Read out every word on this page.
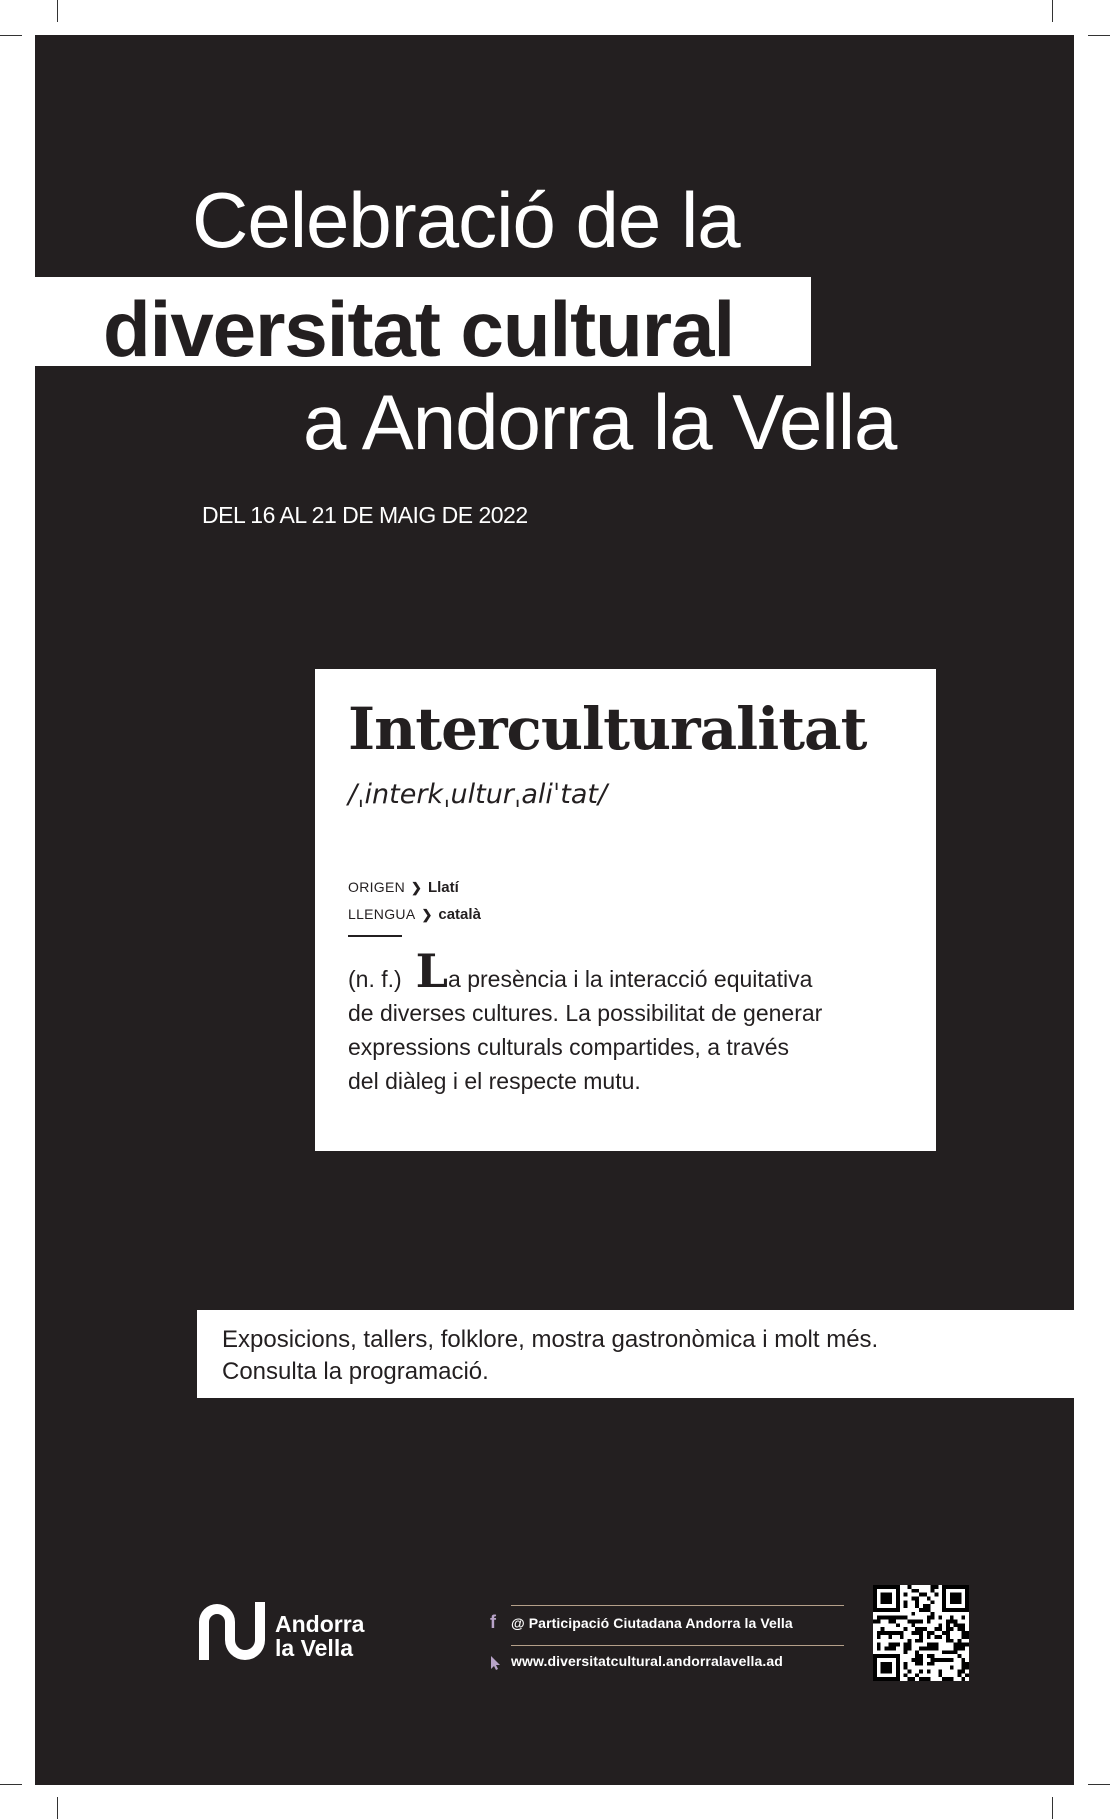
Celebració de la
diversitat cultural
a Andorra la Vella
DEL 16 AL 21 DE MAIG DE 2022
Interculturalitat
/ˌinterkˌulturˌaliˈtat/
ORIGEN ❯ Llatí
LLENGUA ❯ català
(n. f.) La presència i la interacció equitativa
de diverses cultures. La possibilitat de generar
expressions culturals compartides, a través
del diàleg i el respecte mutu.
Exposicions, tallers, folklore, mostra gastronòmica i molt més.
Consulta la programació.
Andorra
la Vella
f @ Participació Ciutadana Andorra la Vella
www.diversitatcultural.andorralavella.ad
